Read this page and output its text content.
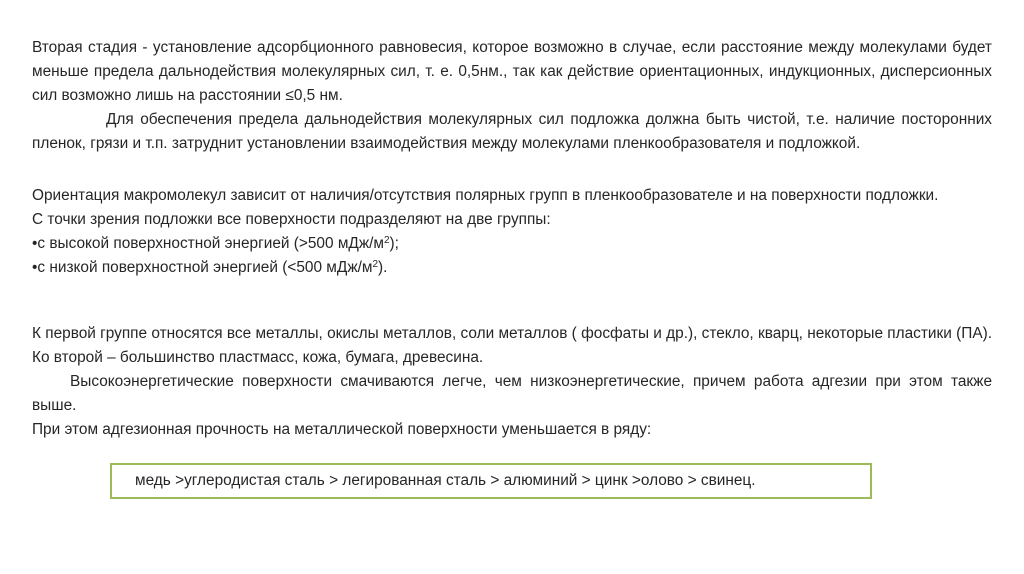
Вторая стадия - установление адсорбционного равновесия, которое возможно в случае, если расстояние между молекулами будет меньше предела дальнодействия молекулярных сил, т. е. 0,5нм., так как действие ориентационных, индукционных, дисперсионных сил возможно лишь на расстоянии ≤0,5 нм.

Для обеспечения предела дальнодействия молекулярных сил подложка должна быть чистой, т.е. наличие посторонних пленок, грязи и т.п. затруднит установлении взаимодействия между молекулами пленкообразователя и подложкой.

Ориентация макромолекул зависит от наличия/отсутствия полярных групп в пленкообразователе и на поверхности подложки.

С точки зрения подложки все поверхности подразделяют на две группы:

•с высокой поверхностной энергией (>500 мДж/$м^2$);

•с низкой поверхностной энергией (<500 мДж/$м^2$).

К первой группе относятся все металлы, окислы металлов, соли металлов ( фосфаты и др.), стекло, кварц, некоторые пластики (ПА). Ко второй – большинство пластмасс, кожа, бумага, древесина.

Высокоэнергетические поверхности смачиваются легче, чем низкоэнергетические, причем работа адгезии при этом также выше.

При этом адгезионная прочность на металлической поверхности уменьшается в ряду:

медь >углеродистая сталь > легированная сталь > алюминий > цинк >олово > свинец.
